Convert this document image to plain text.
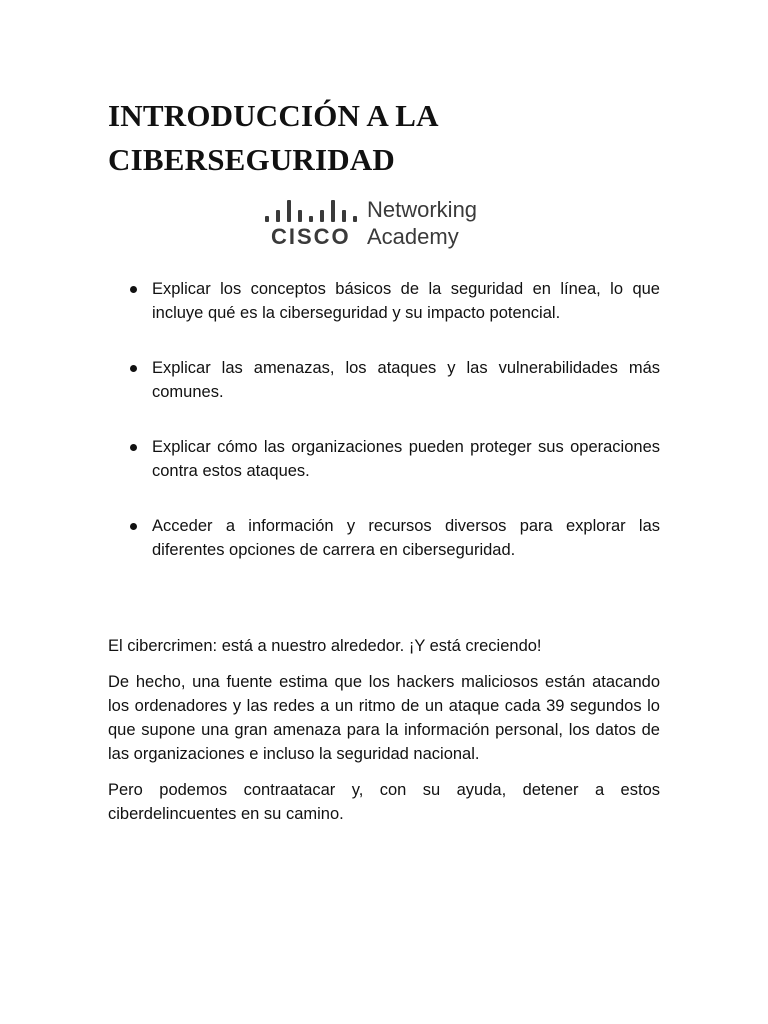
INTRODUCCIÓN A LA CIBERSEGURIDAD
CISCO
Networking
Academy
Explicar los conceptos básicos de la seguridad en línea, lo que incluye qué es la ciberseguridad y su impacto potencial.
Explicar las amenazas, los ataques y las vulnerabilidades más comunes.
Explicar cómo las organizaciones pueden proteger sus operaciones contra estos ataques.
Acceder a información y recursos diversos para explorar las diferentes opciones de carrera en ciberseguridad.

El cibercrimen: está a nuestro alrededor. ¡Y está creciendo!

De hecho, una fuente estima que los hackers maliciosos están atacando los ordenadores y las redes a un ritmo de un ataque cada 39 segundos lo que supone una gran amenaza para la información personal, los datos de las organizaciones e incluso la seguridad nacional.

Pero podemos contraatacar y, con su ayuda, detener a estos ciberdelincuentes en su camino.
